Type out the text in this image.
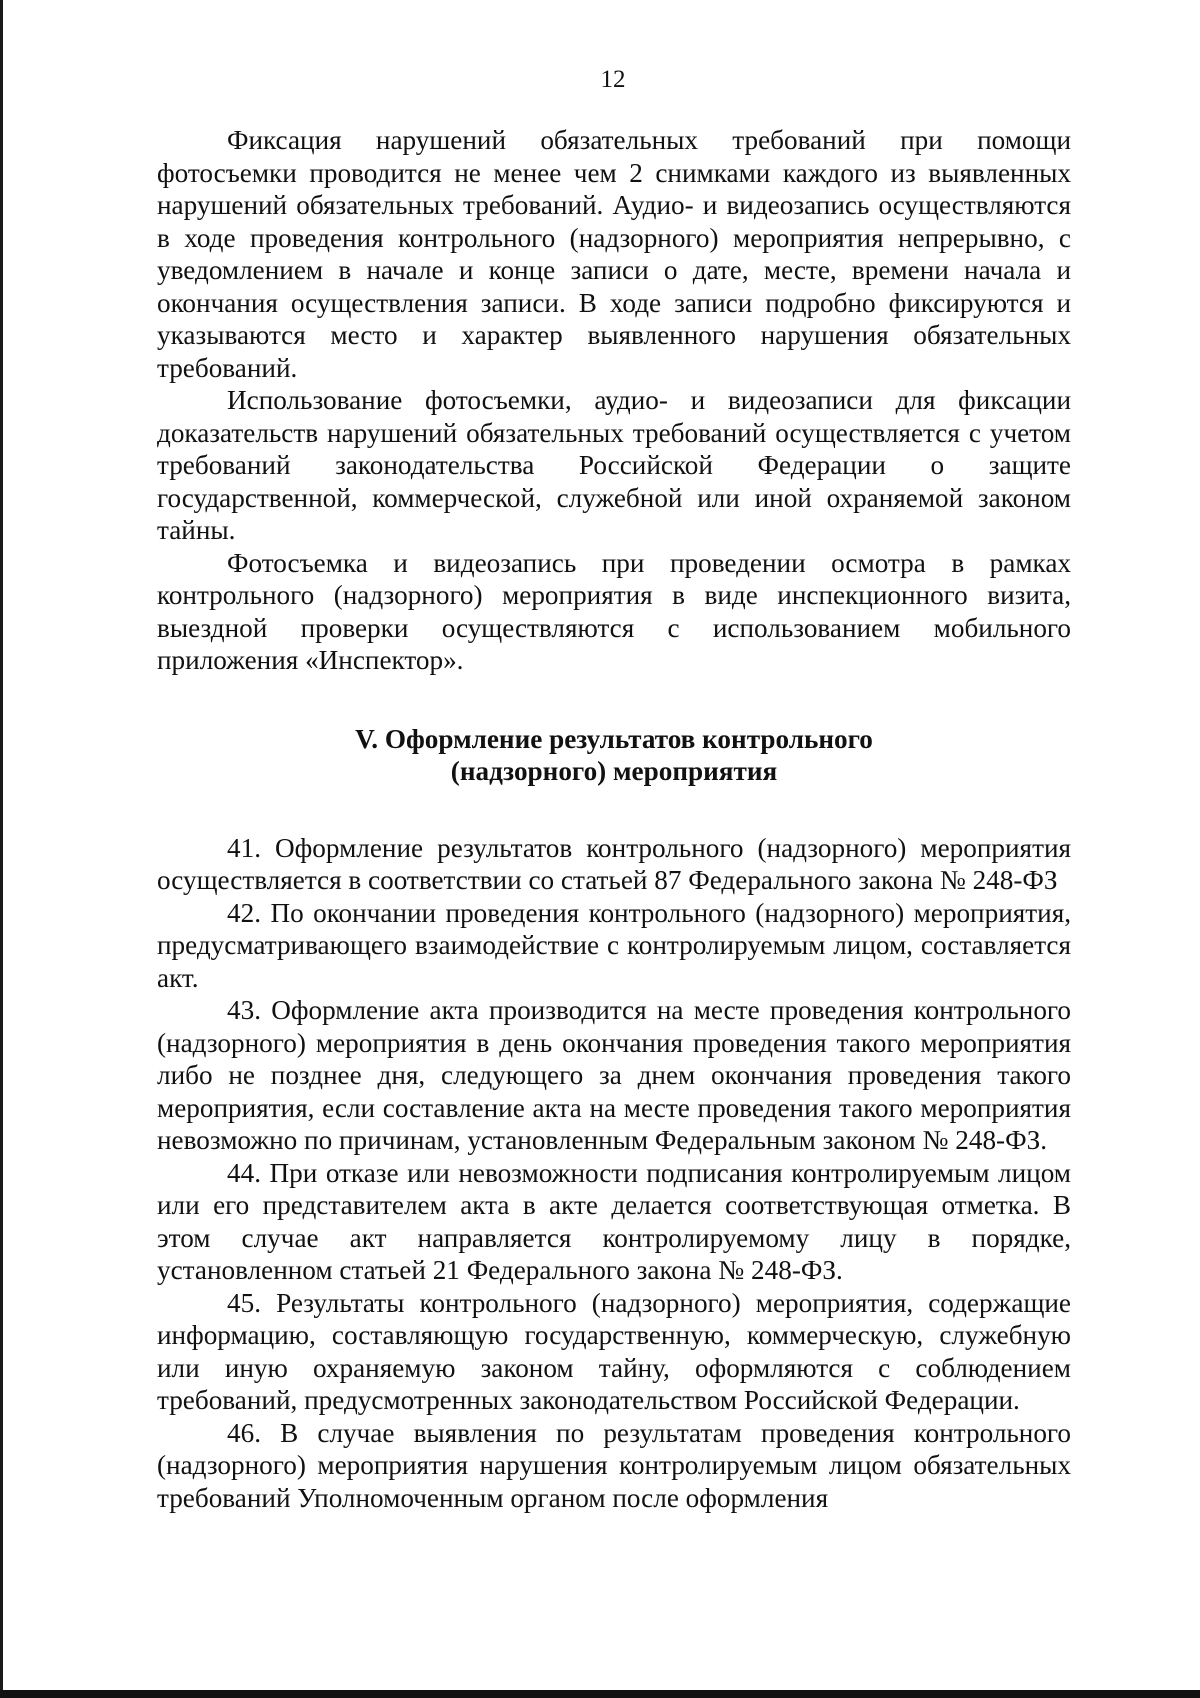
12

Фиксация нарушений обязательных требований при помощи фотосъемки проводится не менее чем 2 снимками каждого из выявленных нарушений обязательных требований. Аудио- и видеозапись осуществляются в ходе проведения контрольного (надзорного) мероприятия непрерывно, с уведомлением в начале и конце записи о дате, месте, времени начала и окончания осуществления записи. В ходе записи подробно фиксируются и указываются место и характер выявленного нарушения обязательных требований.

Использование фотосъемки, аудио- и видеозаписи для фиксации доказательств нарушений обязательных требований осуществляется с учетом требований законодательства Российской Федерации о защите государственной, коммерческой, служебной или иной охраняемой законом тайны.

Фотосъемка и видеозапись при проведении осмотра в рамках контрольного (надзорного) мероприятия в виде инспекционного визита, выездной проверки осуществляются с использованием мобильного приложения «Инспектор».

V. Оформление результатов контрольного
(надзорного) мероприятия

41. Оформление результатов контрольного (надзорного) мероприятия осуществляется в соответствии со статьей 87 Федерального закона № 248-ФЗ

42. По окончании проведения контрольного (надзорного) мероприятия, предусматривающего взаимодействие с контролируемым лицом, составляется акт.

43. Оформление акта производится на месте проведения контрольного (надзорного) мероприятия в день окончания проведения такого мероприятия либо не позднее дня, следующего за днем окончания проведения такого мероприятия, если составление акта на месте проведения такого мероприятия невозможно по причинам, установленным Федеральным законом № 248-ФЗ.

44. При отказе или невозможности подписания контролируемым лицом или его представителем акта в акте делается соответствующая отметка. В этом случае акт направляется контролируемому лицу в порядке, установленном статьей 21 Федерального закона № 248-ФЗ.

45. Результаты контрольного (надзорного) мероприятия, содержащие информацию, составляющую государственную, коммерческую, служебную или иную охраняемую законом тайну, оформляются с соблюдением требований, предусмотренных законодательством Российской Федерации.

46. В случае выявления по результатам проведения контрольного (надзорного) мероприятия нарушения контролируемым лицом обязательных требований Уполномоченным органом после оформления
